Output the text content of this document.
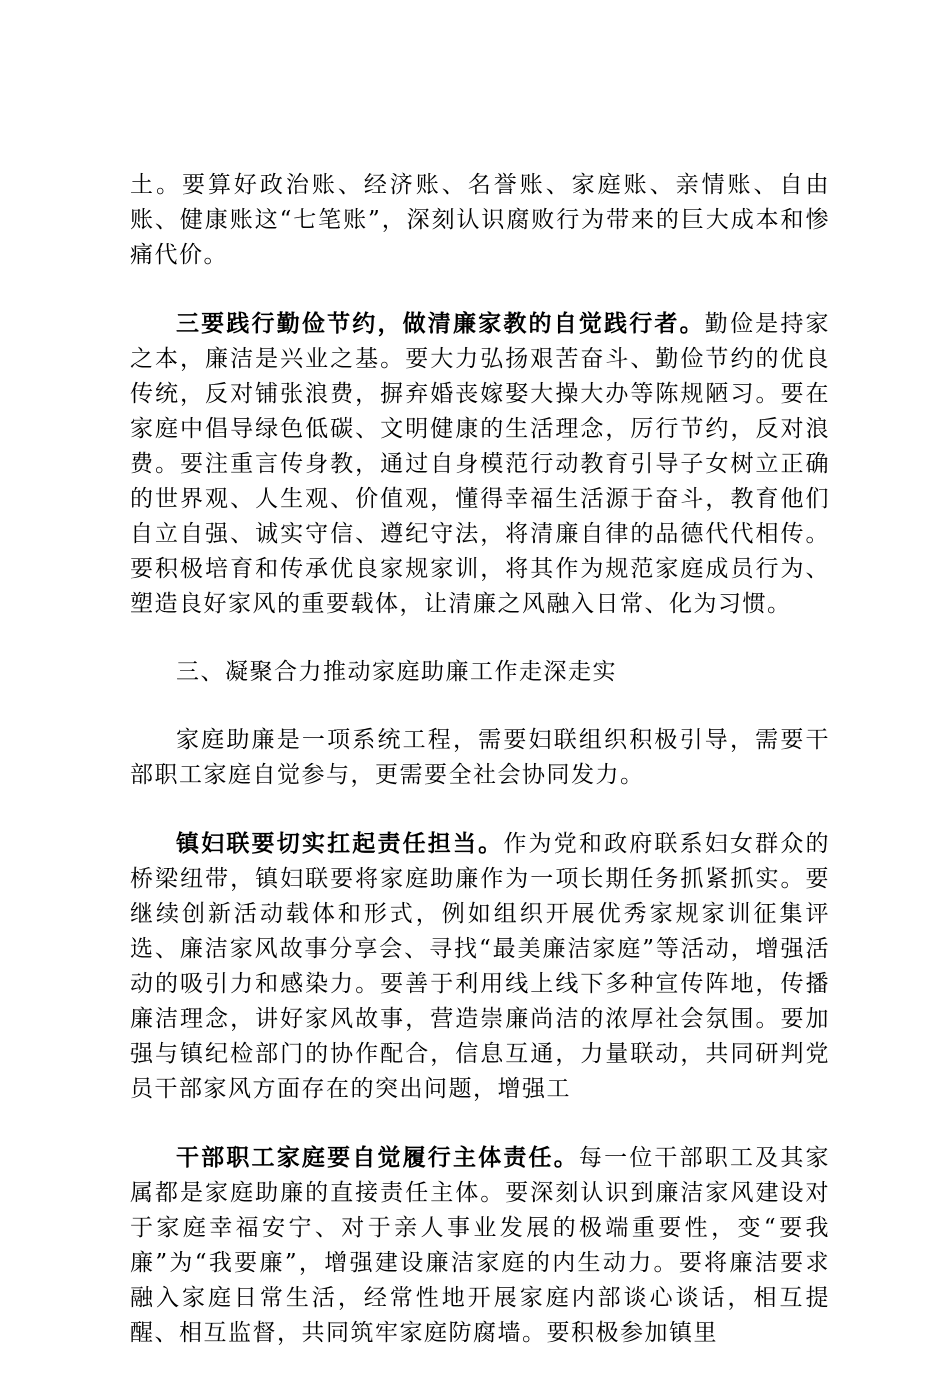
土。要算好政治账、经济账、名誉账、家庭账、亲情账、自由账、健康账这“七笔账”，深刻认识腐败行为带来的巨大成本和惨痛代价。

三要践行勤俭节约，做清廉家教的自觉践行者。勤俭是持家之本，廉洁是兴业之基。要大力弘扬艰苦奋斗、勤俭节约的优良传统，反对铺张浪费，摒弃婚丧嫁娶大操大办等陈规陋习。要在家庭中倡导绿色低碳、文明健康的生活理念，厉行节约，反对浪费。要注重言传身教，通过自身模范行动教育引导子女树立正确的世界观、人生观、价值观，懂得幸福生活源于奋斗，教育他们自立自强、诚实守信、遵纪守法，将清廉自律的品德代代相传。要积极培育和传承优良家规家训，将其作为规范家庭成员行为、塑造良好家风的重要载体，让清廉之风融入日常、化为习惯。

三、凝聚合力推动家庭助廉工作走深走实

家庭助廉是一项系统工程，需要妇联组织积极引导，需要干部职工家庭自觉参与，更需要全社会协同发力。

镇妇联要切实扛起责任担当。作为党和政府联系妇女群众的桥梁纽带，镇妇联要将家庭助廉作为一项长期任务抓紧抓实。要继续创新活动载体和形式，例如组织开展优秀家规家训征集评选、廉洁家风故事分享会、寻找“最美廉洁家庭”等活动，增强活动的吸引力和感染力。要善于利用线上线下多种宣传阵地，传播廉洁理念，讲好家风故事，营造崇廉尚洁的浓厚社会氛围。要加强与镇纪检部门的协作配合，信息互通，力量联动，共同研判党员干部家风方面存在的突出问题，增强工

干部职工家庭要自觉履行主体责任。每一位干部职工及其家属都是家庭助廉的直接责任主体。要深刻认识到廉洁家风建设对于家庭幸福安宁、对于亲人事业发展的极端重要性，变“要我廉”为“我要廉”，增强建设廉洁家庭的内生动力。要将廉洁要求融入家庭日常生活，经常性地开展家庭内部谈心谈话，相互提醒、相互监督，共同筑牢家庭防腐墙。要积极参加镇里
